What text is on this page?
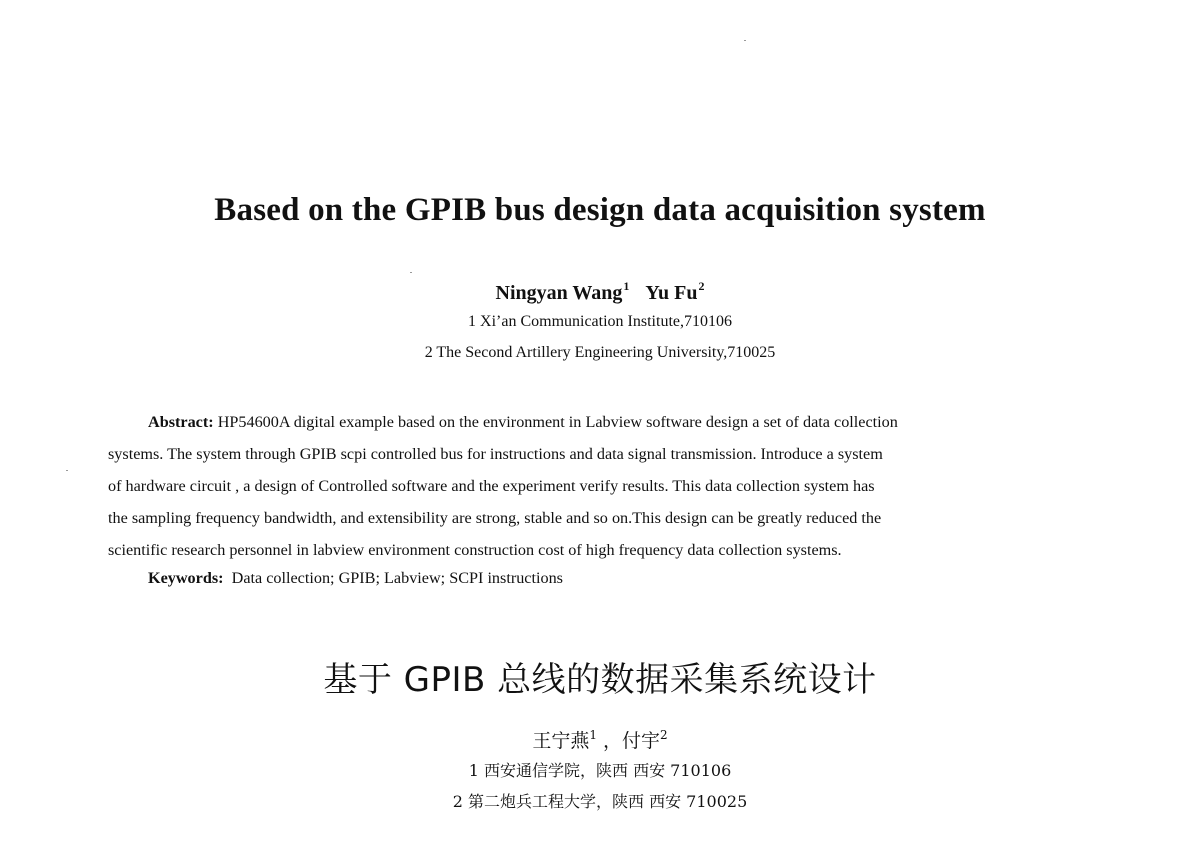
Based on the GPIB bus design data acquisition system
Ningyan Wang$^1$ Yu Fu$^2$
1 Xi’an Communication Institute,710106
2 The Second Artillery Engineering University,710025
Abstract: HP54600A digital example based on the environment in Labview software design a set of data collection
systems. The system through GPIB scpi controlled bus for instructions and data signal transmission. Introduce a system
of hardware circuit , a design of Controlled software and the experiment verify results. This data collection system has
the sampling frequency bandwidth, and extensibility are strong, stable and so on.This design can be greatly reduced the
scientific research personnel in labview environment construction cost of high frequency data collection systems.
Keywords: Data collection; GPIB; Labview; SCPI instructions
基于 GPIB 总线的数据采集系统设计
王宁燕$^1$ ，付宇$^2$
1 西安通信学院，陕西 西安 710106
2 第二炮兵工程大学，陕西 西安 710025
